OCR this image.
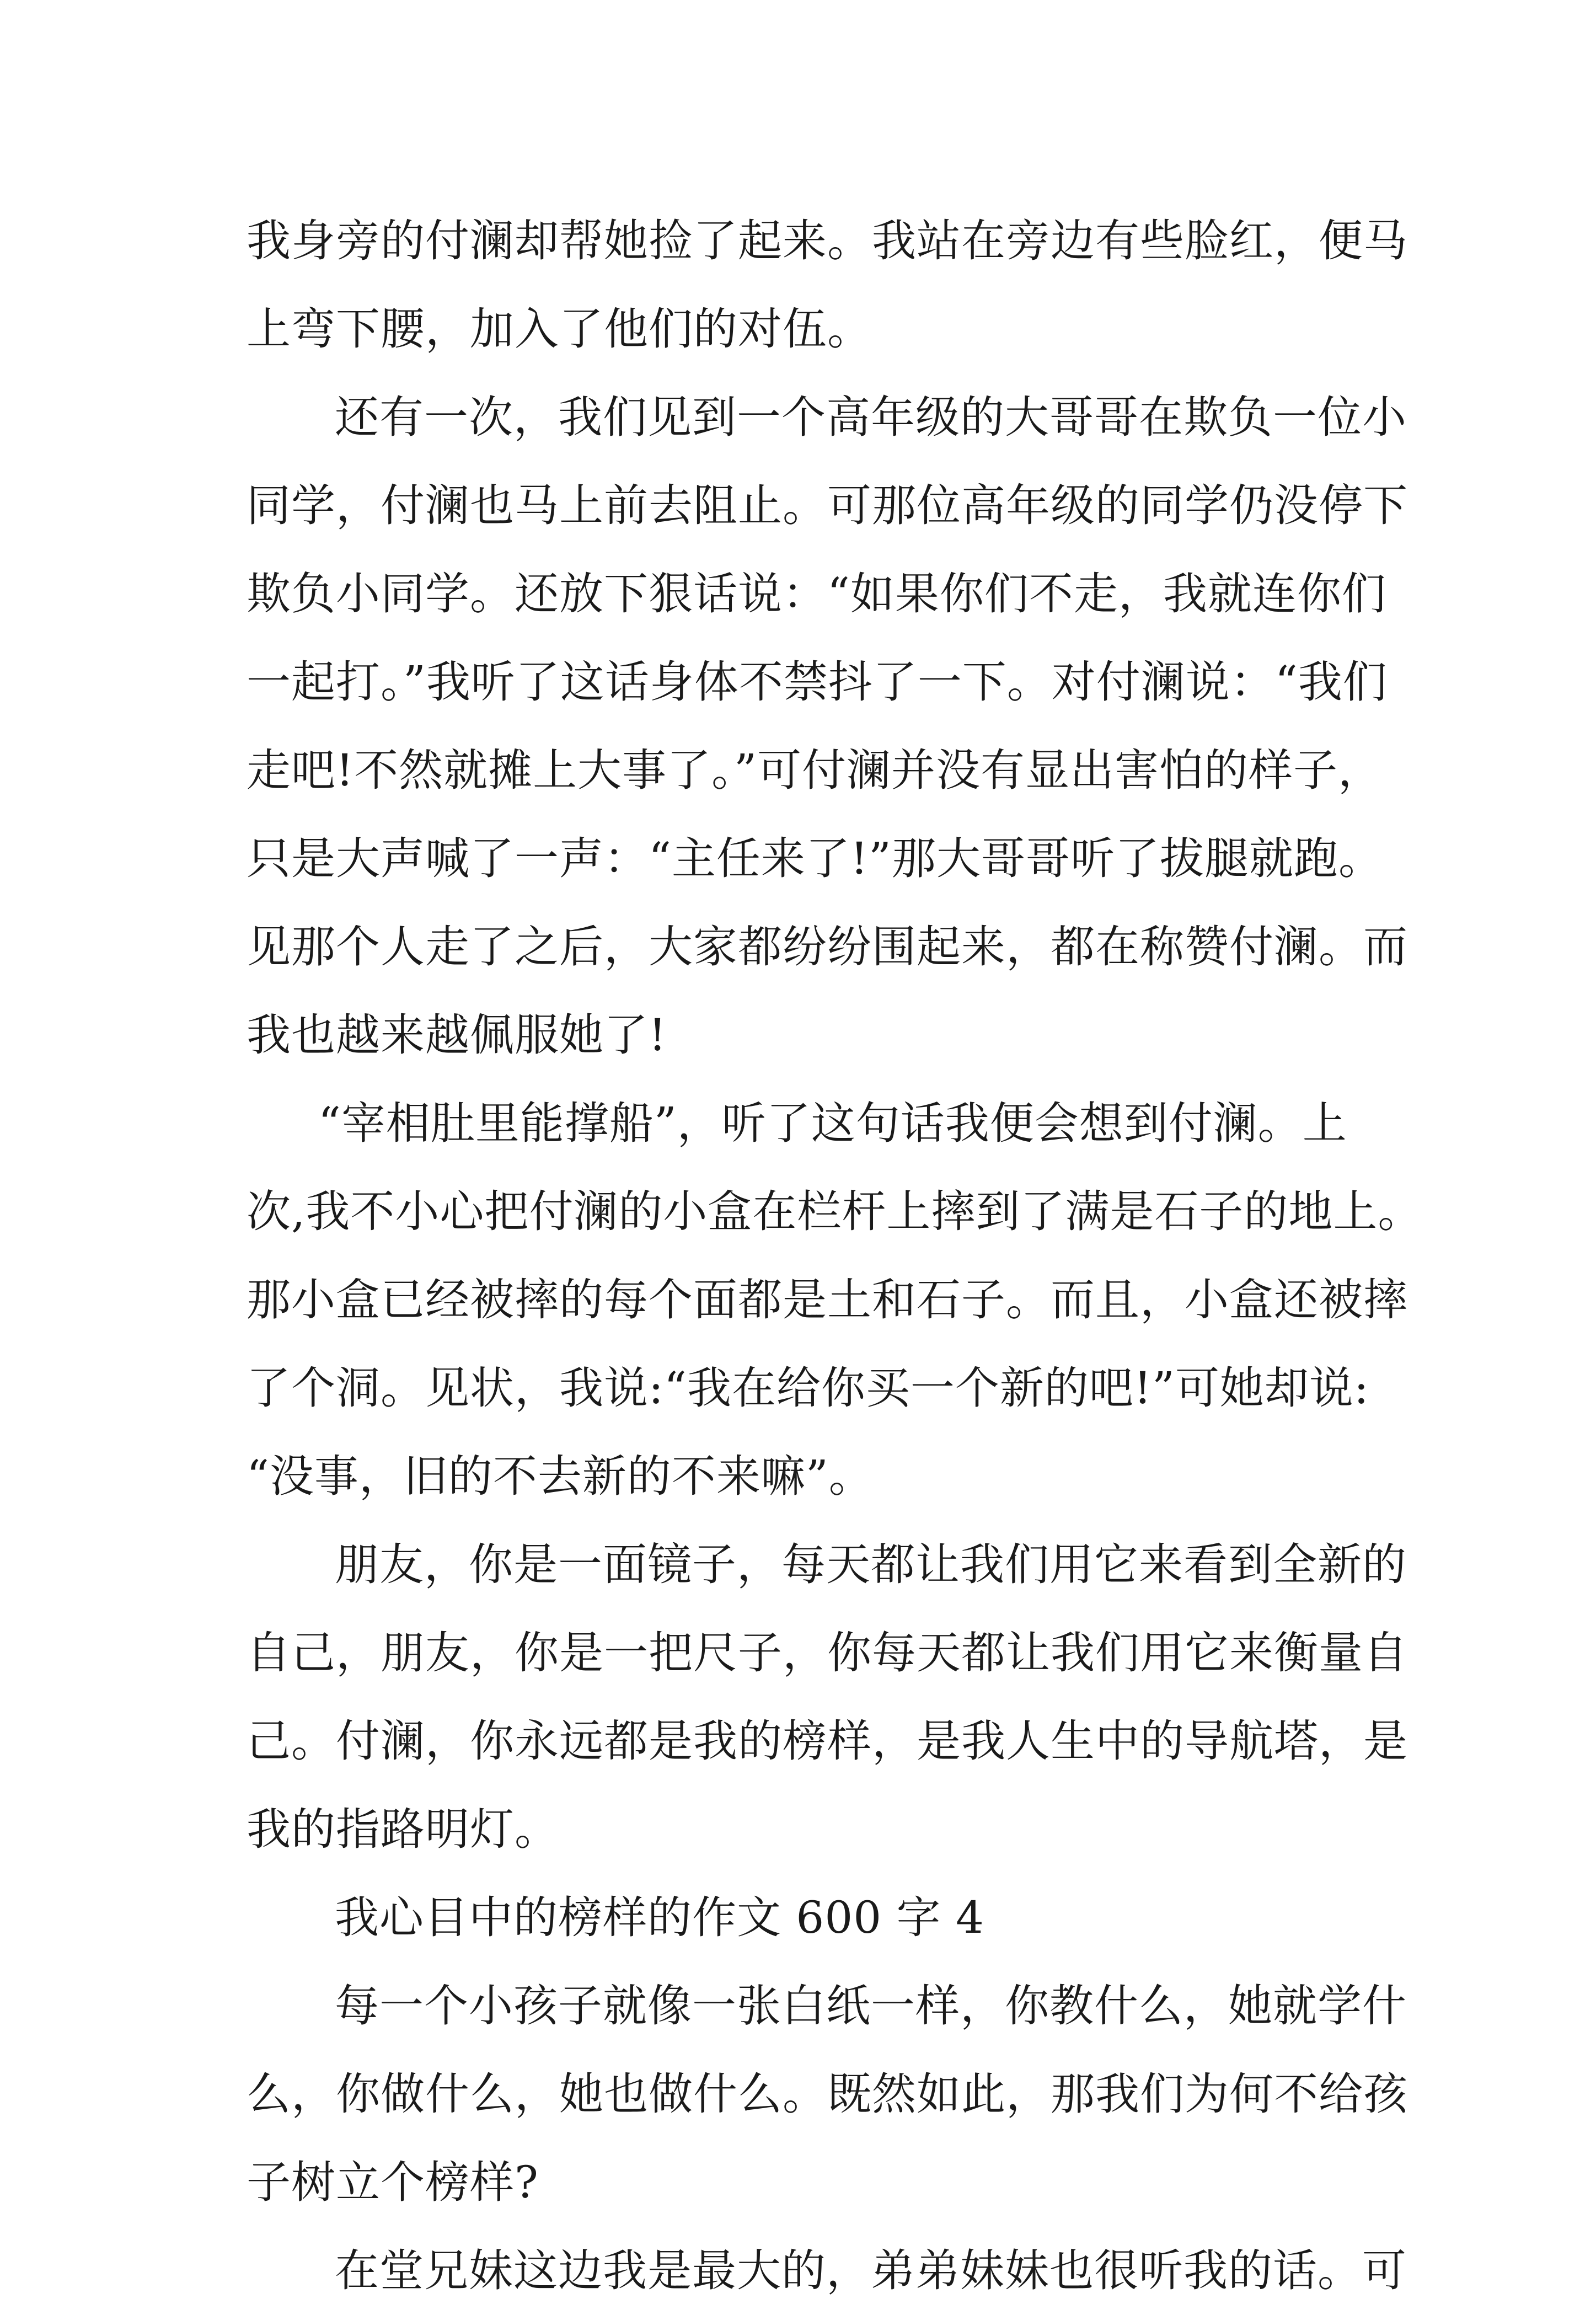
我身旁的付澜却帮她捡了起来。我站在旁边有些脸红，便马
上弯下腰，加入了他们的对伍。
还有一次，我们见到一个高年级的大哥哥在欺负一位小
同学，付澜也马上前去阻止。可那位高年级的同学仍没停下
欺负小同学。还放下狠话说：“如果你们不走，我就连你们
一起打。”我听了这话身体不禁抖了一下。对付澜说：“我们
走吧!不然就摊上大事了。”可付澜并没有显出害怕的样子，
只是大声喊了一声：“主任来了!”那大哥哥听了拔腿就跑。
见那个人走了之后，大家都纷纷围起来，都在称赞付澜。而
我也越来越佩服她了!
“宰相肚里能撑船”，听了这句话我便会想到付澜。上
次,我不小心把付澜的小盒在栏杆上摔到了满是石子的地上。
那小盒已经被摔的每个面都是土和石子。而且，小盒还被摔
了个洞。见状，我说:“我在给你买一个新的吧!”可她却说:
“没事，旧的不去新的不来嘛”。
朋友，你是一面镜子，每天都让我们用它来看到全新的
自己，朋友，你是一把尺子，你每天都让我们用它来衡量自
己。付澜，你永远都是我的榜样，是我人生中的导航塔，是
我的指路明灯。
我心目中的榜样的作文 600 字 4
每一个小孩子就像一张白纸一样，你教什么，她就学什
么，你做什么，她也做什么。既然如此，那我们为何不给孩
子树立个榜样?
在堂兄妹这边我是最大的，弟弟妹妹也很听我的话。可
